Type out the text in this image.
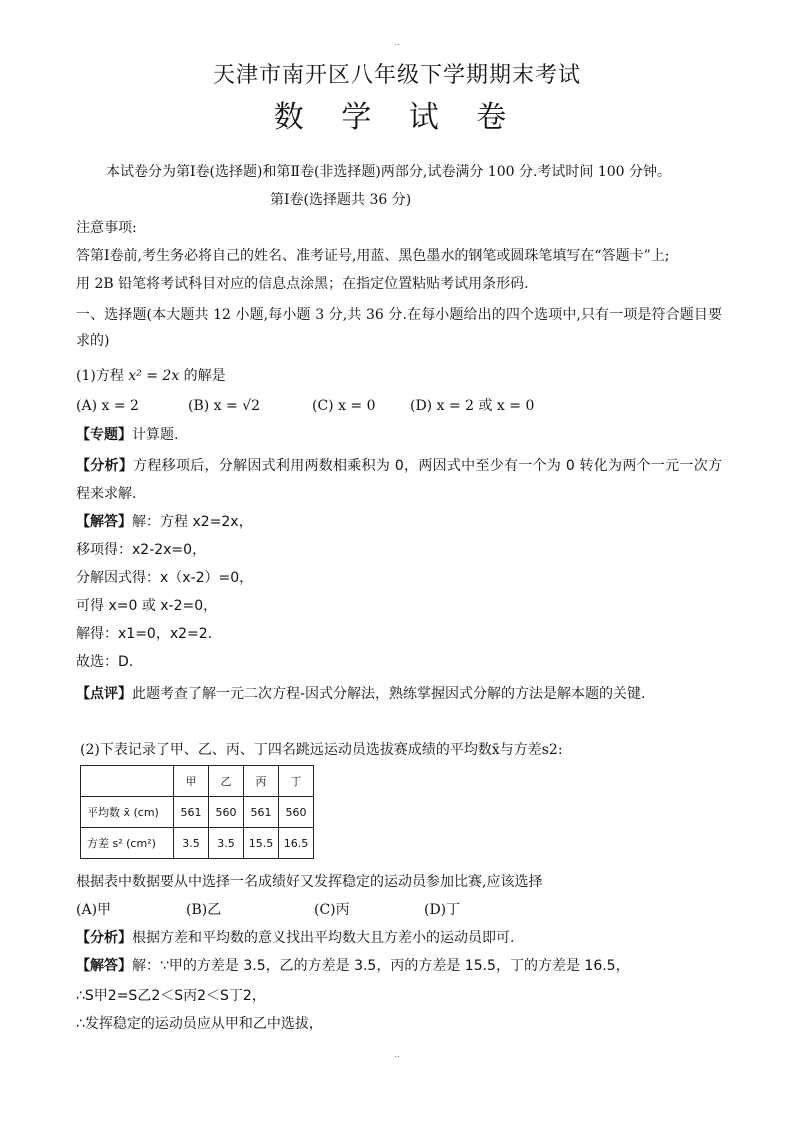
..
天津市南开区八年级下学期期末考试
数 学 试 卷
本试卷分为第Ⅰ卷(选择题)和第Ⅱ卷(非选择题)两部分,试卷满分 100 分.考试时间 100 分钟。
第Ⅰ卷(选择题共 36 分)
注意事项:
答第Ⅰ卷前,考生务必将自己的姓名、准考证号,用蓝、黑色墨水的钢笔或圆珠笔填写在“答题卡”上;
用 2B 铅笔将考试科目对应的信息点涂黑；在指定位置粘贴考试用条形码.
一、选择题(本大题共 12 小题,每小题 3 分,共 36 分.在每小题给出的四个选项中,只有一项是符合题目要求的)
(1)方程 x² = 2x 的解是
(A) x = 2	(B) x = √2	(C) x = 0 (D) x = 2 或 x = 0
【专题】计算题.
【分析】方程移项后，分解因式利用两数相乘积为 0，两因式中至少有一个为 0 转化为两个一元一次方程来求解.
【解答】解：方程 x2=2x，
移项得：x2-2x=0，
分解因式得：x（x-2）=0，
可得 x=0 或 x-2=0，
解得：x1=0，x2=2.
故选：D.
【点评】此题考查了解一元二次方程-因式分解法，熟练掌握因式分解的方法是解本题的关键.
(2)下表记录了甲、乙、丙、丁四名跳远运动员选拔赛成绩的平均数x̄与方差s2:
	甲	乙	丙	丁
平均数 x̄ (cm)	561	560	561	560
方差 s² (cm²)	3.5	3.5	15.5	16.5
根据表中数据要从中选择一名成绩好又发挥稳定的运动员参加比赛,应该选择
(A)甲	(B)乙	(C)丙	(D)丁
【分析】根据方差和平均数的意义找出平均数大且方差小的运动员即可.
【解答】解：∵甲的方差是 3.5，乙的方差是 3.5，丙的方差是 15.5，丁的方差是 16.5，
∴S甲2=S乙2＜S丙2＜S丁2，
∴发挥稳定的运动员应从甲和乙中选拔，
..
